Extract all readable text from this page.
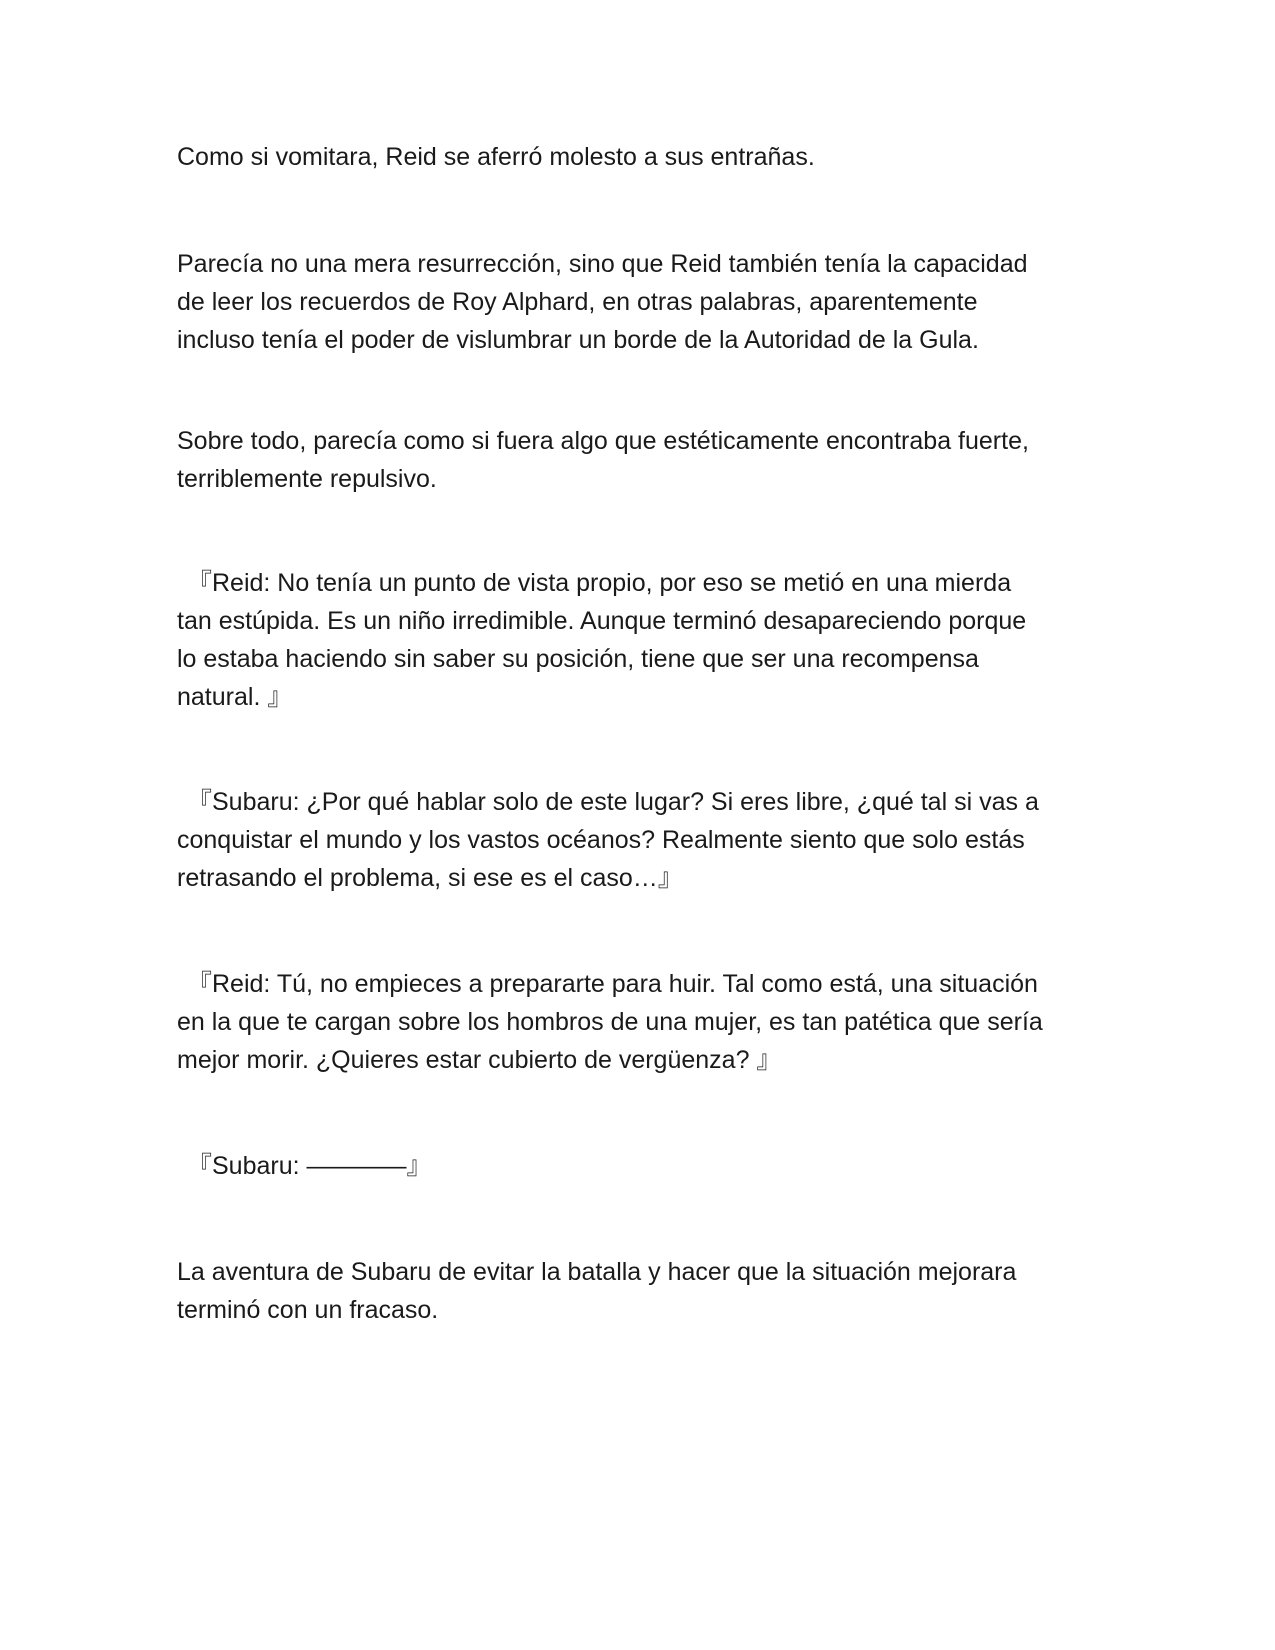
Como si vomitara, Reid se aferró molesto a sus entrañas.

Parecía no una mera resurrección, sino que Reid también tenía la capacidad
de leer los recuerdos de Roy Alphard, en otras palabras, aparentemente
incluso tenía el poder de vislumbrar un borde de la Autoridad de la Gula.

Sobre todo, parecía como si fuera algo que estéticamente encontraba fuerte,
terriblemente repulsivo.

『Reid: No tenía un punto de vista propio, por eso se metió en una mierda
tan estúpida. Es un niño irredimible. Aunque terminó desapareciendo porque
lo estaba haciendo sin saber su posición, tiene que ser una recompensa
natural. 』

『Subaru: ¿Por qué hablar solo de este lugar? Si eres libre, ¿qué tal si vas a
conquistar el mundo y los vastos océanos? Realmente siento que solo estás
retrasando el problema, si ese es el caso…』

『Reid: Tú, no empieces a prepararte para huir. Tal como está, una situación
en la que te cargan sobre los hombros de una mujer, es tan patética que sería
mejor morir. ¿Quieres estar cubierto de vergüenza? 』

『Subaru: ————』

La aventura de Subaru de evitar la batalla y hacer que la situación mejorara
terminó con un fracaso.
